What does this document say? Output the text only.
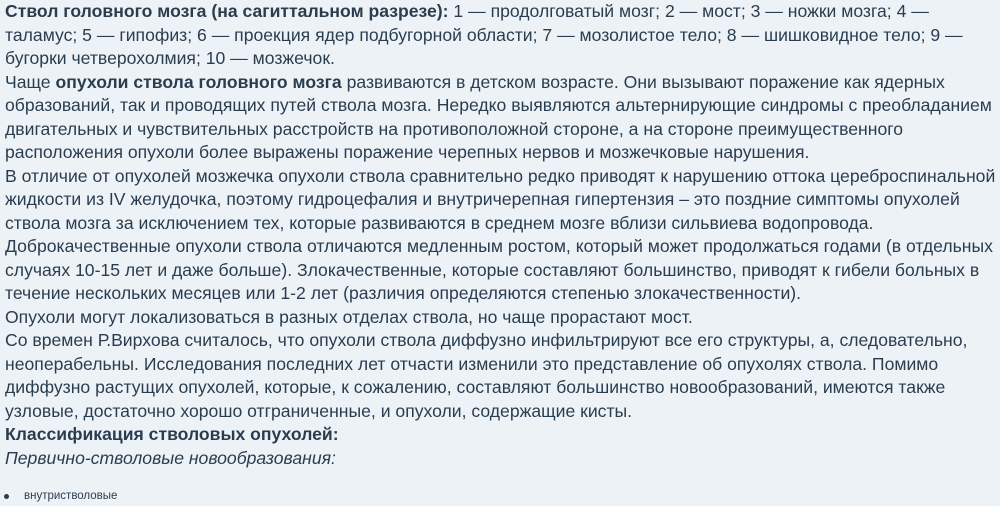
Ствол головного мозга (на сагиттальном разрезе): 1 — продолговатый мозг; 2 — мост; 3 — ножки мозга; 4 — таламус; 5 — гипофиз; 6 — проекция ядер подбугорной области; 7 — мозолистое тело; 8 — шишковидное тело; 9 — бугорки четверохолмия; 10 — мозжечок.

Чаще опухоли ствола головного мозга развиваются в детском возрасте. Они вызывают поражение как ядерных образований, так и проводящих путей ствола мозга. Нередко выявляются альтернирующие синдромы с преобладанием двигательных и чувствительных расстройств на противоположной стороне, а на стороне преимущественного расположения опухоли более выражены поражение черепных нервов и мозжечковые нарушения.

В отличие от опухолей мозжечка опухоли ствола сравнительно редко приводят к нарушению оттока цереброспинальной жидкости из IV желудочка, поэтому гидроцефалия и внутричерепная гипертензия – это поздние симптомы опухолей ствола мозга за исключением тех, которые развиваются в среднем мозге вблизи сильвиева водопровода.

Доброкачественные опухоли ствола отличаются медленным ростом, который может продолжаться годами (в отдельных случаях 10-15 лет и даже больше). Злокачественные, которые составляют большинство, приводят к гибели больных в течение нескольких месяцев или 1-2 лет (различия определяются степенью злокачественности).

Опухоли могут локализоваться в разных отделах ствола, но чаще прорастают мост.

Со времен Р.Вирхова считалось, что опухоли ствола диффузно инфильтрируют все его структуры, а, следовательно, неоперабельны. Исследования последних лет отчасти изменили это представление об опухолях ствола. Помимо диффузно растущих опухолей, которые, к сожалению, составляют большинство новообразований, имеются также узловые, достаточно хорошо отграниченные, и опухоли, содержащие кисты.

Классификация стволовых опухолей:

Первично-стволовые новообразования:

внутристволовые
